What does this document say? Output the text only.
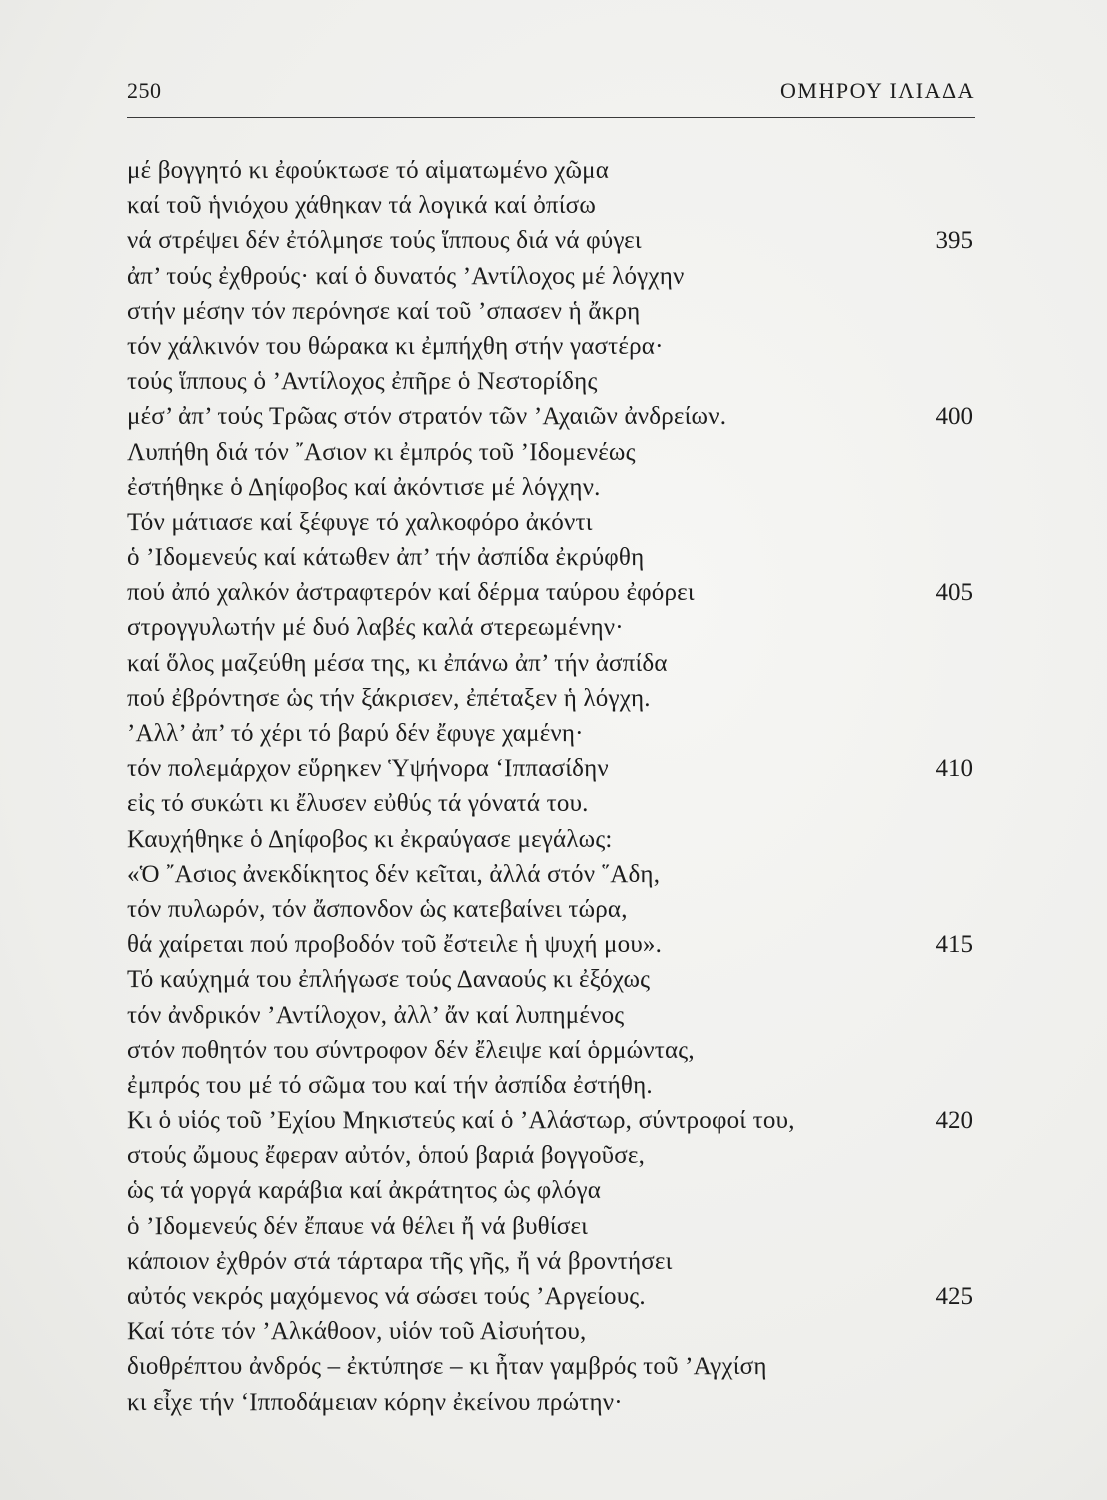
250	ΟΜΗΡΟΥ ΙΛΙΑΔΑ
μέ βογγητό κι ἐφούκτωσε τό αἱματωμένο χῶμα
καί τοῦ ἡνιόχου χάθηκαν τά λογικά καί ὀπίσω
νά στρέψει δέν ἐτόλμησε τούς ἵππους διά νά φύγει	395
ἀπ’ τούς ἐχθρούς· καί ὁ δυνατός ’Αντίλοχος μέ λόγχην
στήν μέσην τόν περόνησε καί τοῦ ’σπασεν ἡ ἄκρη
τόν χάλκινόν του θώρακα κι ἐμπήχθη στήν γαστέρα·
τούς ἵππους ὁ ’Αντίλοχος ἐπῆρε ὁ Νεστορίδης
μέσ’ ἀπ’ τούς Τρῶας στόν στρατόν τῶν ’Αχαιῶν ἀνδρείων.	400
Λυπήθη διά τόν ῎Ασιον κι ἐμπρός τοῦ ’Ιδομενέως
ἐστήθηκε ὁ Δηίφοβος καί ἀκόντισε μέ λόγχην.
Τόν μάτιασε καί ξέφυγε τό χαλκοφόρο ἀκόντι
ὁ ’Ιδομενεύς καί κάτωθεν ἀπ’ τήν ἀσπίδα ἐκρύφθη
πού ἀπό χαλκόν ἀστραφτερόν καί δέρμα ταύρου ἐφόρει	405
στρογγυλωτήν μέ δυό λαβές καλά στερεωμένην·
καί ὅλος μαζεύθη μέσα της, κι ἐπάνω ἀπ’ τήν ἀσπίδα
πού ἐβρόντησε ὡς τήν ξάκρισεν, ἐπέταξεν ἡ λόγχη.
’Αλλ’ ἀπ’ τό χέρι τό βαρύ δέν ἔφυγε χαμένη·
τόν πολεμάρχον εὕρηκεν Ὑψήνορα ‘Ιππασίδην	410
εἰς τό συκώτι κι ἔλυσεν εὐθύς τά γόνατά του.
Καυχήθηκε ὁ Δηίφοβος κι ἐκραύγασε μεγάλως:
«Ὁ ῎Ασιος ἀνεκδίκητος δέν κεῖται, ἀλλά στόν ῞Αδη,
τόν πυλωρόν, τόν ἄσπονδον ὡς κατεβαίνει τώρα,
θά χαίρεται πού προβοδόν τοῦ ἔστειλε ἡ ψυχή μου».	415
Τό καύχημά του ἐπλήγωσε τούς Δαναούς κι ἐξόχως
τόν ἀνδρικόν ’Αντίλοχον, ἀλλ’ ἄν καί λυπημένος
στόν ποθητόν του σύντροφον δέν ἔλειψε καί ὁρμώντας,
ἐμπρός του μέ τό σῶμα του καί τήν ἀσπίδα ἐστήθη.
Κι ὁ υἱός τοῦ ’Εχίου Μηκιστεύς καί ὁ ’Αλάστωρ, σύντροφοί του,	420
στούς ὤμους ἔφεραν αὐτόν, ὁπού βαριά βογγοῦσε,
ὡς τά γοργά καράβια καί ἀκράτητος ὡς φλόγα
ὁ ’Ιδομενεύς δέν ἔπαυε νά θέλει ἤ νά βυθίσει
κάποιον ἐχθρόν στά τάρταρα τῆς γῆς, ἤ νά βροντήσει
αὐτός νεκρός μαχόμενος νά σώσει τούς ’Αργείους.	425
Καί τότε τόν ’Αλκάθοον, υἱόν τοῦ Αἰσυήτου,
διοθρέπτου ἀνδρός – ἐκτύπησε – κι ἦταν γαμβρός τοῦ ’Αγχίση
κι εἶχε τήν ‘Ιπποδάμειαν κόρην ἐκείνου πρώτην·
